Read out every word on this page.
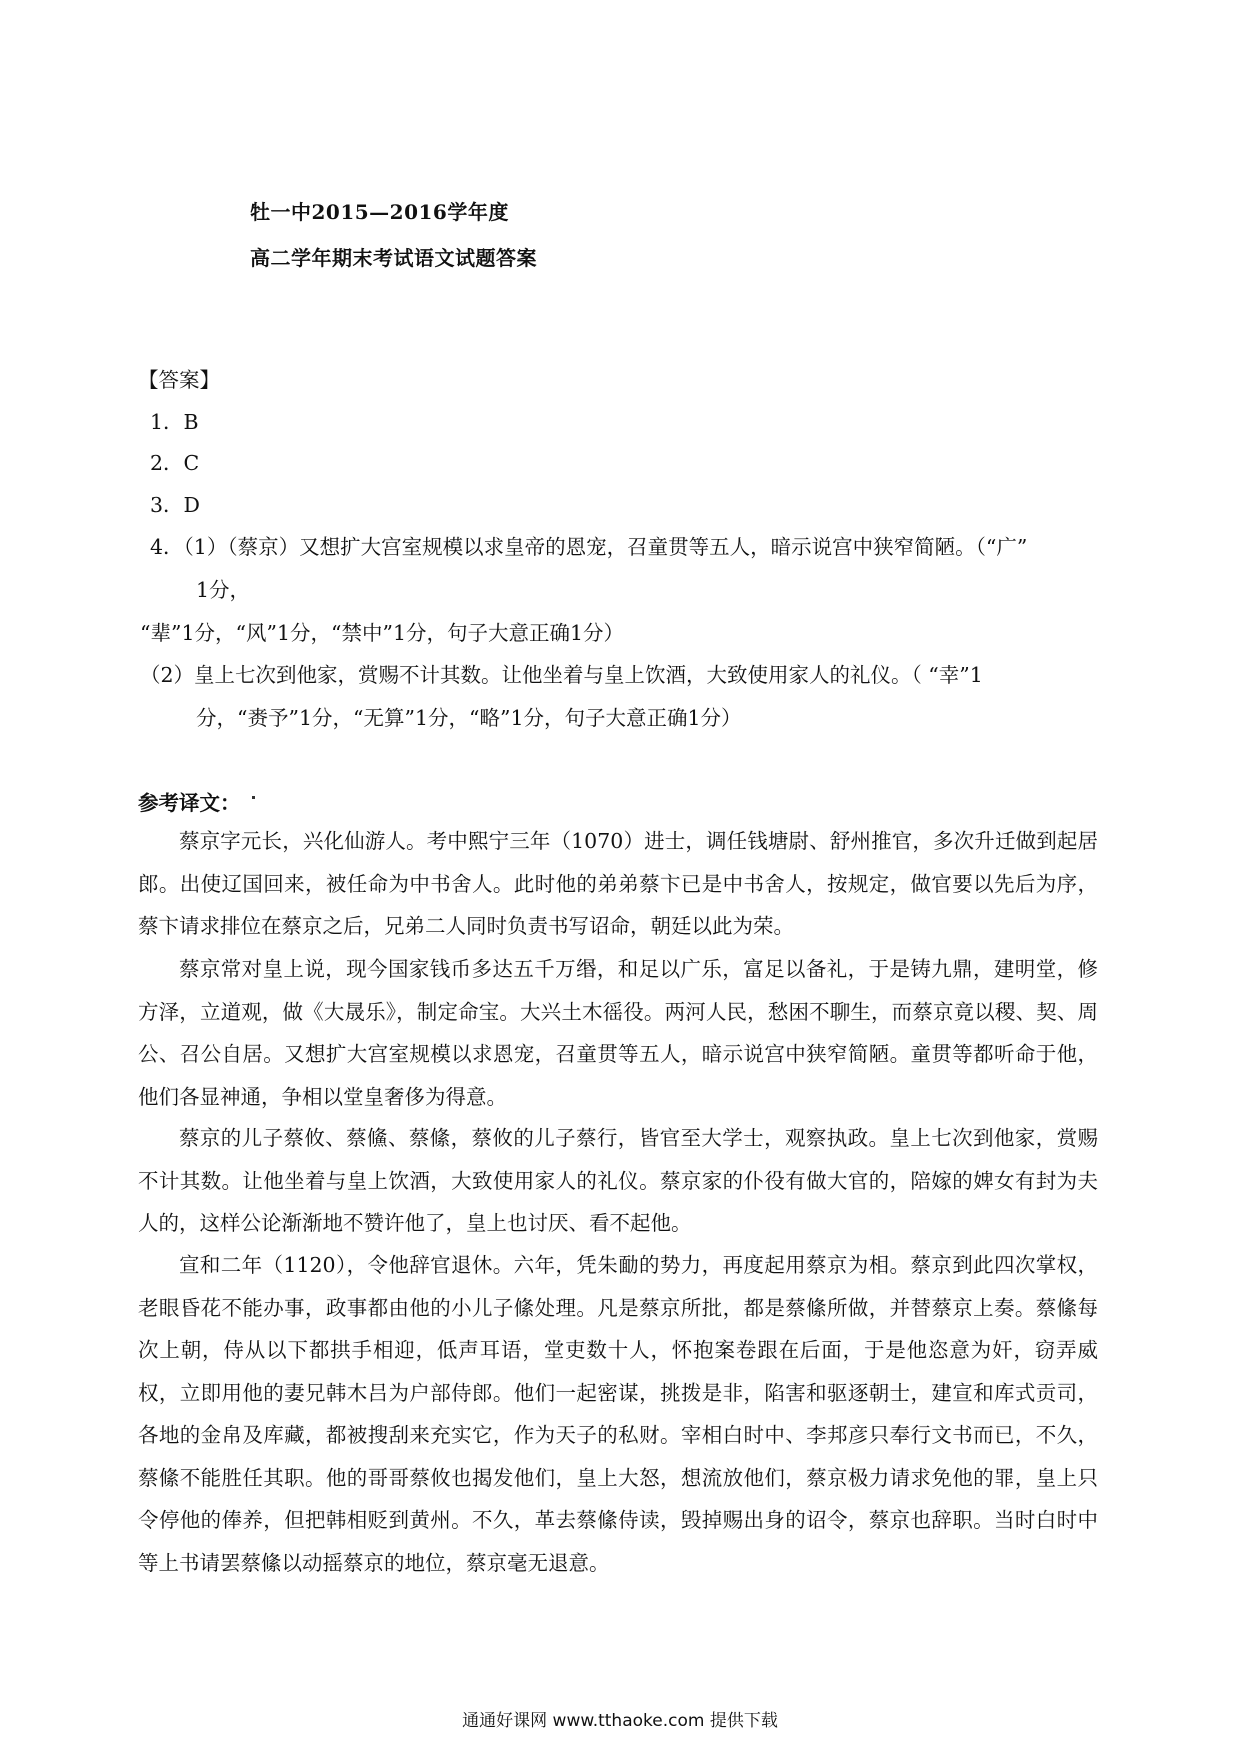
牡一中2015—2016学年度
高二学年期末考试语文试题答案
【答案】
1．B
2．C
3．D
4．（1）（蔡京）又想扩大宫室规模以求皇帝的恩宠，召童贯等五人，暗示说宫中狭窄简陋。（“广”
1分，
“辈”1分，“风”1分，“禁中”1分，句子大意正确1分）
（2）皇上七次到他家，赏赐不计其数。让他坐着与皇上饮酒，大致使用家人的礼仪。（ “幸”1
分，“赉予”1分，“无算”1分，“略”1分，句子大意正确1分）
参考译文：
蔡京字元长，兴化仙游人。考中熙宁三年（1070）进士，调任钱塘尉、舒州推官，多次升迁做到起居郎。出使辽国回来，被任命为中书舍人。此时他的弟弟蔡卞已是中书舍人，按规定，做官要以先后为序，蔡卞请求排位在蔡京之后，兄弟二人同时负责书写诏命，朝廷以此为荣。
蔡京常对皇上说，现今国家钱币多达五千万缗，和足以广乐，富足以备礼，于是铸九鼎，建明堂，修方泽，立道观，做《大晟乐》，制定命宝。大兴土木徭役。两河人民，愁困不聊生，而蔡京竟以稷、契、周公、召公自居。又想扩大宫室规模以求恩宠，召童贯等五人，暗示说宫中狭窄简陋。童贯等都听命于他，他们各显神通，争相以堂皇奢侈为得意。
蔡京的儿子蔡攸、蔡鯈、蔡絛，蔡攸的儿子蔡行，皆官至大学士，观察执政。皇上七次到他家，赏赐不计其数。让他坐着与皇上饮酒，大致使用家人的礼仪。蔡京家的仆役有做大官的，陪嫁的婢女有封为夫人的，这样公论渐渐地不赞许他了，皇上也讨厌、看不起他。
宣和二年（1120），令他辞官退休。六年，凭朱勔的势力，再度起用蔡京为相。蔡京到此四次掌权，老眼昏花不能办事，政事都由他的小儿子絛处理。凡是蔡京所批，都是蔡絛所做，并替蔡京上奏。蔡絛每次上朝，侍从以下都拱手相迎，低声耳语，堂吏数十人，怀抱案卷跟在后面，于是他恣意为奸，窃弄威权，立即用他的妻兄韩木吕为户部侍郎。他们一起密谋，挑拨是非，陷害和驱逐朝士，建宣和库式贡司，各地的金帛及库藏，都被搜刮来充实它，作为天子的私财。宰相白时中、李邦彦只奉行文书而已，不久，蔡絛不能胜任其职。他的哥哥蔡攸也揭发他们，皇上大怒，想流放他们，蔡京极力请求免他的罪，皇上只令停他的俸养，但把韩相贬到黄州。不久，革去蔡絛侍读，毁掉赐出身的诏令，蔡京也辞职。当时白时中等上书请罢蔡絛以动摇蔡京的地位，蔡京毫无退意。
通通好课网 www.tthaoke.com 提供下载
